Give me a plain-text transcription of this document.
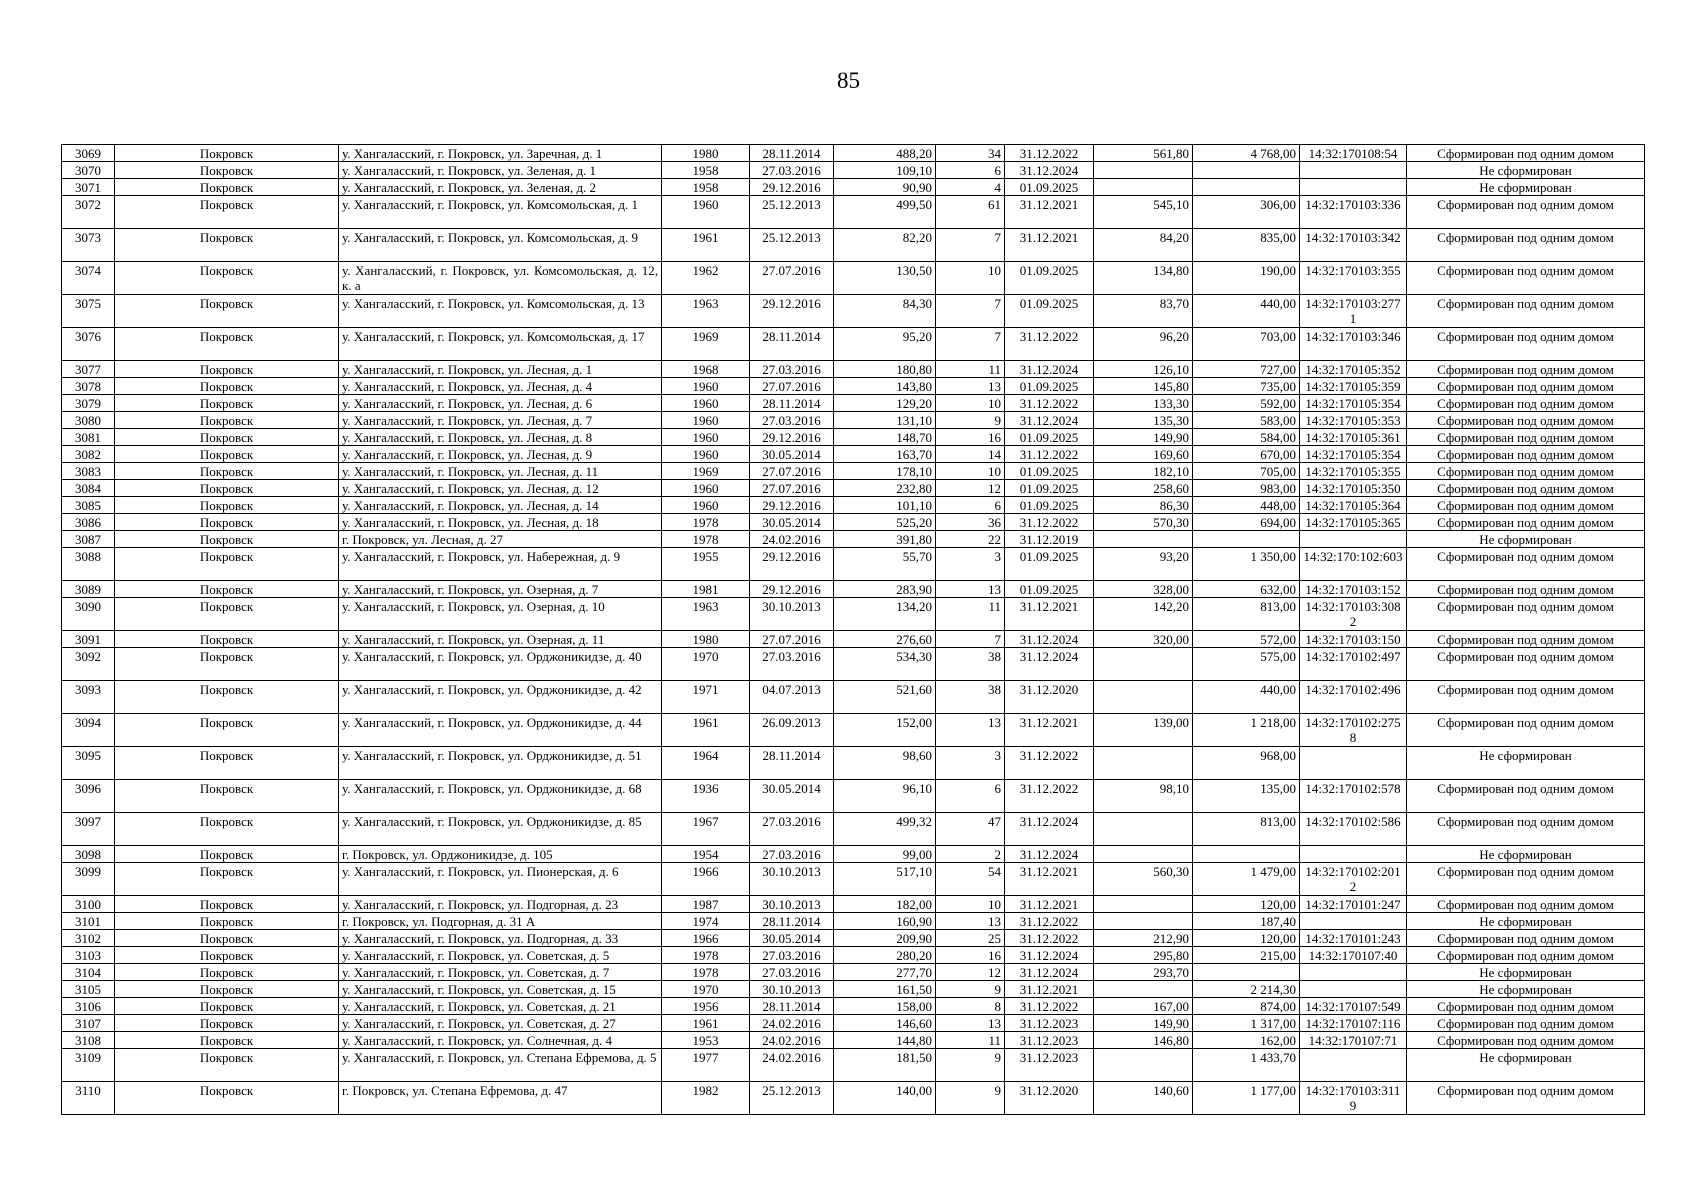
85
3069	Покровск	у. Хангаласский, г. Покровск, ул. Заречная, д. 1	1980	28.11.2014	488,20	34	31.12.2022	561,80	4 768,00	14:32:170108:54	Сформирован под одним домом
3070	Покровск	у. Хангаласский, г. Покровск, ул. Зеленая, д. 1	1958	27.03.2016	109,10	6	31.12.2024				Не сформирован
3071	Покровск	у. Хангаласский, г. Покровск, ул. Зеленая, д. 2	1958	29.12.2016	90,90	4	01.09.2025				Не сформирован
3072	Покровск	у. Хангаласский, г. Покровск, ул. Комсомольская, д. 1	1960	25.12.2013	499,50	61	31.12.2021	545,10	306,00	14:32:170103:336	Сформирован под одним домом
3073	Покровск	у. Хангаласский, г. Покровск, ул. Комсомольская, д. 9	1961	25.12.2013	82,20	7	31.12.2021	84,20	835,00	14:32:170103:342	Сформирован под одним домом
3074	Покровск	у. Хангаласский, г. Покровск, ул. Комсомольская, д. 12, к. а	1962	27.07.2016	130,50	10	01.09.2025	134,80	190,00	14:32:170103:355	Сформирован под одним домом
3075	Покровск	у. Хангаласский, г. Покровск, ул. Комсомольская, д. 13	1963	29.12.2016	84,30	7	01.09.2025	83,70	440,00	14:32:170103:277 1	Сформирован под одним домом
3076	Покровск	у. Хангаласский, г. Покровск, ул. Комсомольская, д. 17	1969	28.11.2014	95,20	7	31.12.2022	96,20	703,00	14:32:170103:346	Сформирован под одним домом
3077	Покровск	у. Хангаласский, г. Покровск, ул. Лесная, д. 1	1968	27.03.2016	180,80	11	31.12.2024	126,10	727,00	14:32:170105:352	Сформирован под одним домом
3078	Покровск	у. Хангаласский, г. Покровск, ул. Лесная, д. 4	1960	27.07.2016	143,80	13	01.09.2025	145,80	735,00	14:32:170105:359	Сформирован под одним домом
3079	Покровск	у. Хангаласский, г. Покровск, ул. Лесная, д. 6	1960	28.11.2014	129,20	10	31.12.2022	133,30	592,00	14:32:170105:354	Сформирован под одним домом
3080	Покровск	у. Хангаласский, г. Покровск, ул. Лесная, д. 7	1960	27.03.2016	131,10	9	31.12.2024	135,30	583,00	14:32:170105:353	Сформирован под одним домом
3081	Покровск	у. Хангаласский, г. Покровск, ул. Лесная, д. 8	1960	29.12.2016	148,70	16	01.09.2025	149,90	584,00	14:32:170105:361	Сформирован под одним домом
3082	Покровск	у. Хангаласский, г. Покровск, ул. Лесная, д. 9	1960	30.05.2014	163,70	14	31.12.2022	169,60	670,00	14:32:170105:354	Сформирован под одним домом
3083	Покровск	у. Хангаласский, г. Покровск, ул. Лесная, д. 11	1969	27.07.2016	178,10	10	01.09.2025	182,10	705,00	14:32:170105:355	Сформирован под одним домом
3084	Покровск	у. Хангаласский, г. Покровск, ул. Лесная, д. 12	1960	27.07.2016	232,80	12	01.09.2025	258,60	983,00	14:32:170105:350	Сформирован под одним домом
3085	Покровск	у. Хангаласский, г. Покровск, ул. Лесная, д. 14	1960	29.12.2016	101,10	6	01.09.2025	86,30	448,00	14:32:170105:364	Сформирован под одним домом
3086	Покровск	у. Хангаласский, г. Покровск, ул. Лесная, д. 18	1978	30.05.2014	525,20	36	31.12.2022	570,30	694,00	14:32:170105:365	Сформирован под одним домом
3087	Покровск	г. Покровск, ул. Лесная, д. 27	1978	24.02.2016	391,80	22	31.12.2019				Не сформирован
3088	Покровск	у. Хангаласский, г. Покровск, ул. Набережная, д. 9	1955	29.12.2016	55,70	3	01.09.2025	93,20	1 350,00	14:32:170:102:603	Сформирован под одним домом
3089	Покровск	у. Хангаласский, г. Покровск, ул. Озерная, д. 7	1981	29.12.2016	283,90	13	01.09.2025	328,00	632,00	14:32:170103:152	Сформирован под одним домом
3090	Покровск	у. Хангаласский, г. Покровск, ул. Озерная, д. 10	1963	30.10.2013	134,20	11	31.12.2021	142,20	813,00	14:32:170103:308 2	Сформирован под одним домом
3091	Покровск	у. Хангаласский, г. Покровск, ул. Озерная, д. 11	1980	27.07.2016	276,60	7	31.12.2024	320,00	572,00	14:32:170103:150	Сформирован под одним домом
3092	Покровск	у. Хангаласский, г. Покровск, ул. Орджоникидзе, д. 40	1970	27.03.2016	534,30	38	31.12.2024		575,00	14:32:170102:497	Сформирован под одним домом
3093	Покровск	у. Хангаласский, г. Покровск, ул. Орджоникидзе, д. 42	1971	04.07.2013	521,60	38	31.12.2020		440,00	14:32:170102:496	Сформирован под одним домом
3094	Покровск	у. Хангаласский, г. Покровск, ул. Орджоникидзе, д. 44	1961	26.09.2013	152,00	13	31.12.2021	139,00	1 218,00	14:32:170102:275 8	Сформирован под одним домом
3095	Покровск	у. Хангаласский, г. Покровск, ул. Орджоникидзе, д. 51	1964	28.11.2014	98,60	3	31.12.2022		968,00		Не сформирован
3096	Покровск	у. Хангаласский, г. Покровск, ул. Орджоникидзе, д. 68	1936	30.05.2014	96,10	6	31.12.2022	98,10	135,00	14:32:170102:578	Сформирован под одним домом
3097	Покровск	у. Хангаласский, г. Покровск, ул. Орджоникидзе, д. 85	1967	27.03.2016	499,32	47	31.12.2024		813,00	14:32:170102:586	Сформирован под одним домом
3098	Покровск	г. Покровск, ул. Орджоникидзе, д. 105	1954	27.03.2016	99,00	2	31.12.2024				Не сформирован
3099	Покровск	у. Хангаласский, г. Покровск, ул. Пионерская, д. 6	1966	30.10.2013	517,10	54	31.12.2021	560,30	1 479,00	14:32:170102:201 2	Сформирован под одним домом
3100	Покровск	у. Хангаласский, г. Покровск, ул. Подгорная, д. 23	1987	30.10.2013	182,00	10	31.12.2021		120,00	14:32:170101:247	Сформирован под одним домом
3101	Покровск	г. Покровск, ул. Подгорная, д. 31 А	1974	28.11.2014	160,90	13	31.12.2022		187,40		Не сформирован
3102	Покровск	у. Хангаласский, г. Покровск, ул. Подгорная, д. 33	1966	30.05.2014	209,90	25	31.12.2022	212,90	120,00	14:32:170101:243	Сформирован под одним домом
3103	Покровск	у. Хангаласский, г. Покровск, ул. Советская, д. 5	1978	27.03.2016	280,20	16	31.12.2024	295,80	215,00	14:32:170107:40	Сформирован под одним домом
3104	Покровск	у. Хангаласский, г. Покровск, ул. Советская, д. 7	1978	27.03.2016	277,70	12	31.12.2024	293,70			Не сформирован
3105	Покровск	у. Хангаласский, г. Покровск, ул. Советская, д. 15	1970	30.10.2013	161,50	9	31.12.2021		2 214,30		Не сформирован
3106	Покровск	у. Хангаласский, г. Покровск, ул. Советская, д. 21	1956	28.11.2014	158,00	8	31.12.2022	167,00	874,00	14:32:170107:549	Сформирован под одним домом
3107	Покровск	у. Хангаласский, г. Покровск, ул. Советская, д. 27	1961	24.02.2016	146,60	13	31.12.2023	149,90	1 317,00	14:32:170107:116	Сформирован под одним домом
3108	Покровск	у. Хангаласский, г. Покровск, ул. Солнечная, д. 4	1953	24.02.2016	144,80	11	31.12.2023	146,80	162,00	14:32:170107:71	Сформирован под одним домом
3109	Покровск	у. Хангаласский, г. Покровск, ул. Степана Ефремова, д. 5	1977	24.02.2016	181,50	9	31.12.2023		1 433,70		Не сформирован
3110	Покровск	г. Покровск, ул. Степана Ефремова, д. 47	1982	25.12.2013	140,00	9	31.12.2020	140,60	1 177,00	14:32:170103:311 9	Сформирован под одним домом
